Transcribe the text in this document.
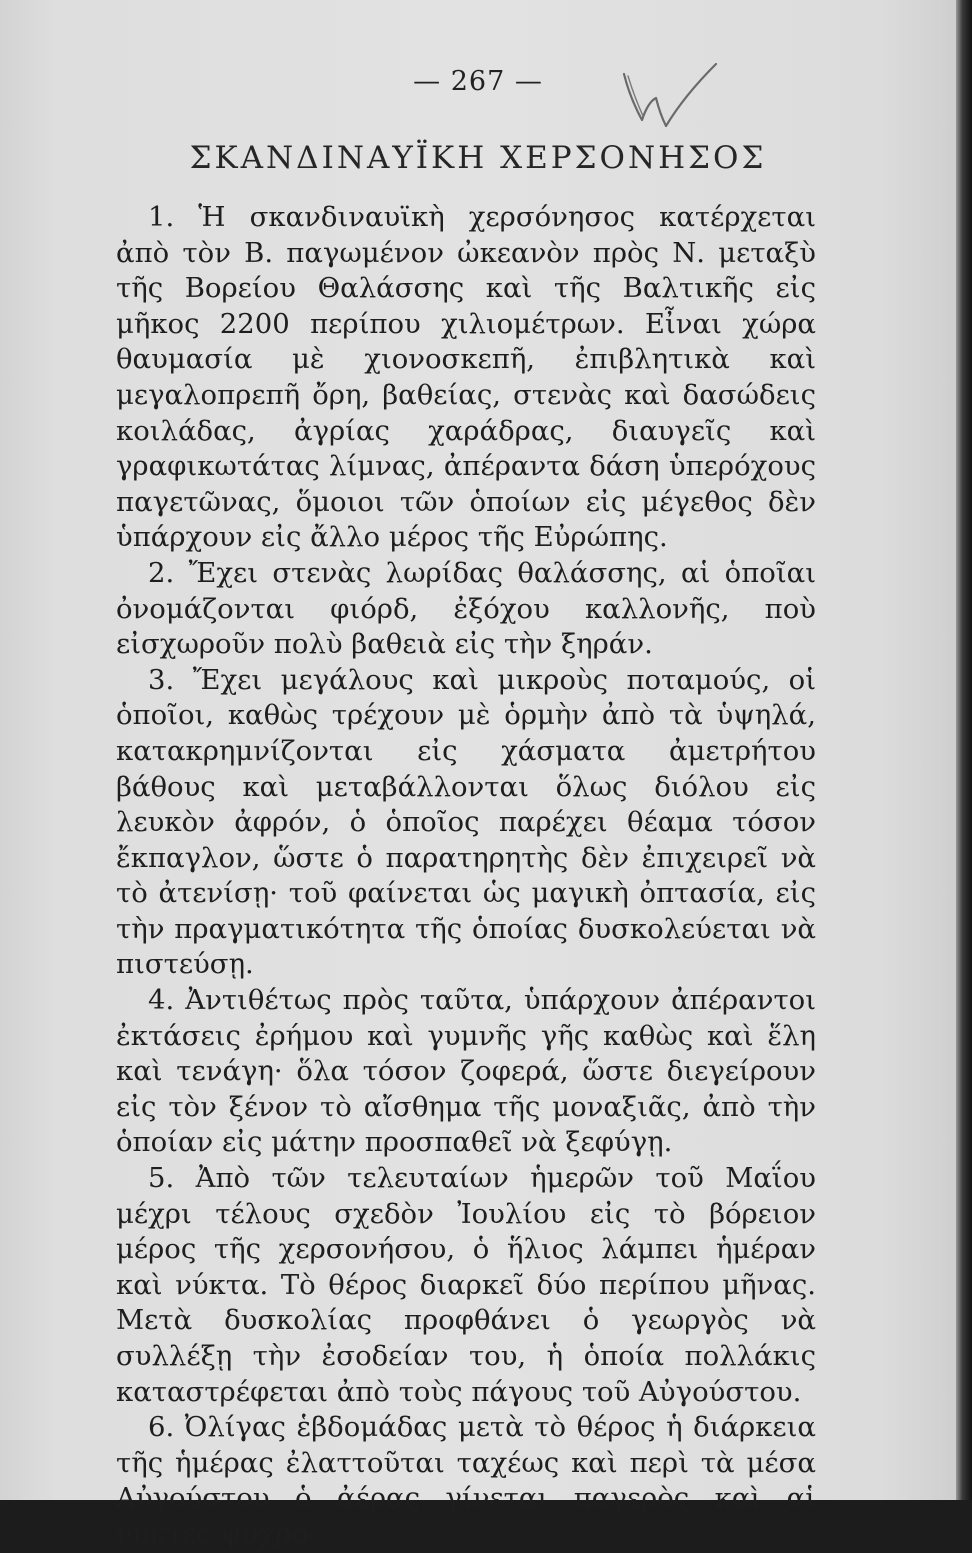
— 267 —
ΣΚΑΝΔΙΝΑΥΪΚΗ ΧΕΡΣΟΝΗΣΟΣ

1. Ἡ σκανδιναυϊκὴ χερσόνησος κατέρχεται ἀπὸ τὸν Β. παγωμένον ὠκεανὸν πρὸς Ν. μεταξὺ τῆς Βορείου Θαλάσσης καὶ τῆς Βαλτικῆς εἰς μῆκος 2200 περίπου χιλιομέτρων. Εἶναι χώρα θαυμασία μὲ χιονοσκεπῆ, ἐπιβλητικὰ καὶ μεγαλοπρεπῆ ὄρη, βαθείας, στενὰς καὶ δασώδεις κοιλάδας, ἀγρίας χαράδρας, διαυγεῖς καὶ γραφικωτάτας λίμνας, ἀπέραντα δάση ὑπερόχους παγετῶνας, ὅμοιοι τῶν ὁποίων εἰς μέγεθος δὲν ὑπάρχουν εἰς ἄλλο μέρος τῆς Εὐρώπης.

2. Ἔχει στενὰς λωρίδας θαλάσσης, αἱ ὁποῖαι ὀνομάζονται φιόρδ, ἐξόχου καλλονῆς, ποὺ εἰσχωροῦν πολὺ βαθειὰ εἰς τὴν ξηράν.

3. Ἔχει μεγάλους καὶ μικροὺς ποταμούς, οἱ ὁποῖοι, καθὼς τρέχουν μὲ ὁρμὴν ἀπὸ τὰ ὑψηλά, κατακρημνίζονται εἰς χάσματα ἀμετρήτου βάθους καὶ μεταβάλλονται ὅλως διόλου εἰς λευκὸν ἀφρόν, ὁ ὁποῖος παρέχει θέαμα τόσον ἔκπαγλον, ὥστε ὁ παρατηρητὴς δὲν ἐπιχειρεῖ νὰ τὸ ἀτενίσῃ· τοῦ φαίνεται ὡς μαγικὴ ὀπτασία, εἰς τὴν πραγματικότητα τῆς ὁποίας δυσκολεύεται νὰ πιστεύσῃ.

4. Ἀντιθέτως πρὸς ταῦτα, ὑπάρχουν ἀπέραντοι ἐκτάσεις ἐρήμου καὶ γυμνῆς γῆς καθὼς καὶ ἕλη καὶ τενάγη· ὅλα τόσον ζοφερά, ὥστε διεγείρουν εἰς τὸν ξένον τὸ αἴσθημα τῆς μοναξιᾶς, ἀπὸ τὴν ὁποίαν εἰς μάτην προσπαθεῖ νὰ ξεφύγῃ.

5. Ἀπὸ τῶν τελευταίων ἡμερῶν τοῦ Μαΐου μέχρι τέλους σχεδὸν Ἰουλίου εἰς τὸ βόρειον μέρος τῆς χερσονήσου, ὁ ἥλιος λάμπει ἡμέραν καὶ νύκτα. Τὸ θέρος διαρκεῖ δύο περίπου μῆνας. Μετὰ δυσκολίας προφθάνει ὁ γεωργὸς νὰ συλλέξῃ τὴν ἐσοδείαν του, ἡ ὁποία πολλάκις καταστρέφεται ἀπὸ τοὺς πάγους τοῦ Αὐγούστου.

6. Ὀλίγας ἑβδομάδας μετὰ τὸ θέρος ἡ διάρκεια τῆς ἡμέρας ἐλαττοῦται ταχέως καὶ περὶ τὰ μέσα Αὐγούστου ὁ ἀέρας γίνεται παγερὸς καὶ αἱ νύκτες ψυχρό-
